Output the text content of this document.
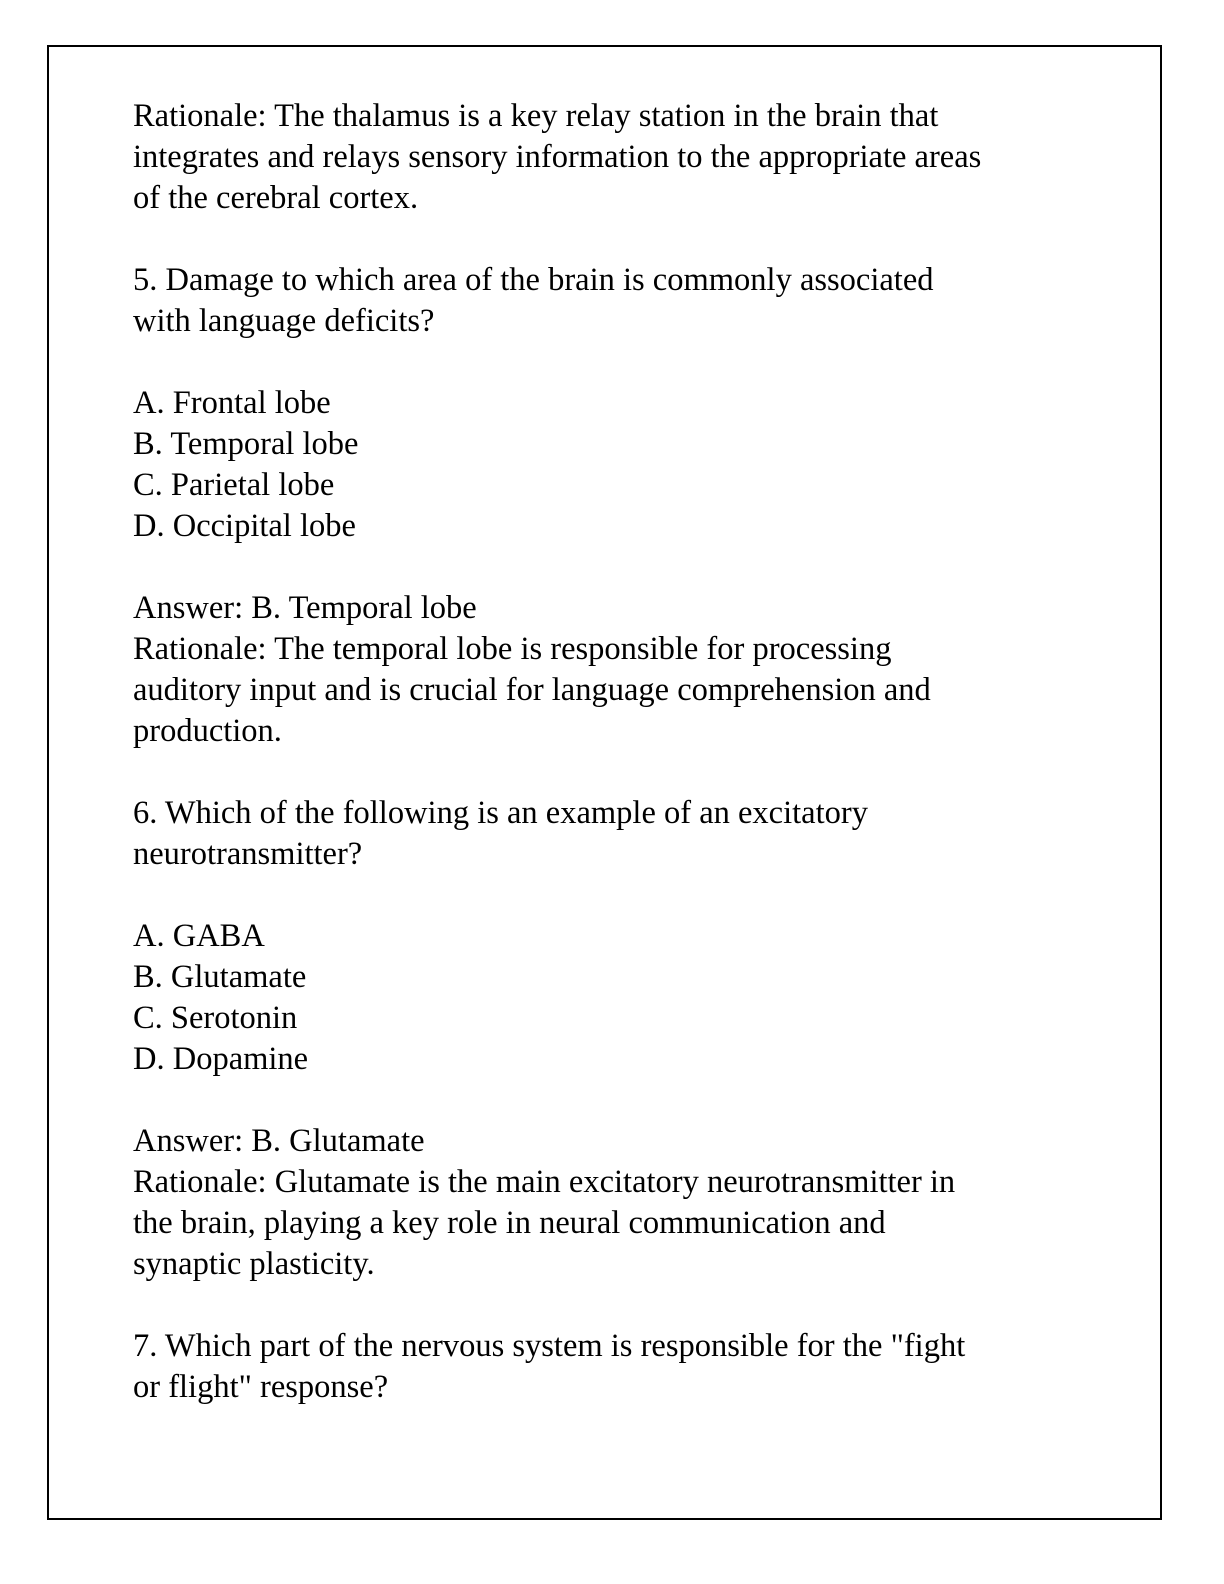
Rationale: The thalamus is a key relay station in the brain that
integrates and relays sensory information to the appropriate areas
of the cerebral cortex.
5. Damage to which area of the brain is commonly associated
with language deficits?
A. Frontal lobe
B. Temporal lobe
C. Parietal lobe
D. Occipital lobe
Answer: B. Temporal lobe
Rationale: The temporal lobe is responsible for processing
auditory input and is crucial for language comprehension and
production.
6. Which of the following is an example of an excitatory
neurotransmitter?
A. GABA
B. Glutamate
C. Serotonin
D. Dopamine
Answer: B. Glutamate
Rationale: Glutamate is the main excitatory neurotransmitter in
the brain, playing a key role in neural communication and
synaptic plasticity.
7. Which part of the nervous system is responsible for the "fight
or flight" response?
